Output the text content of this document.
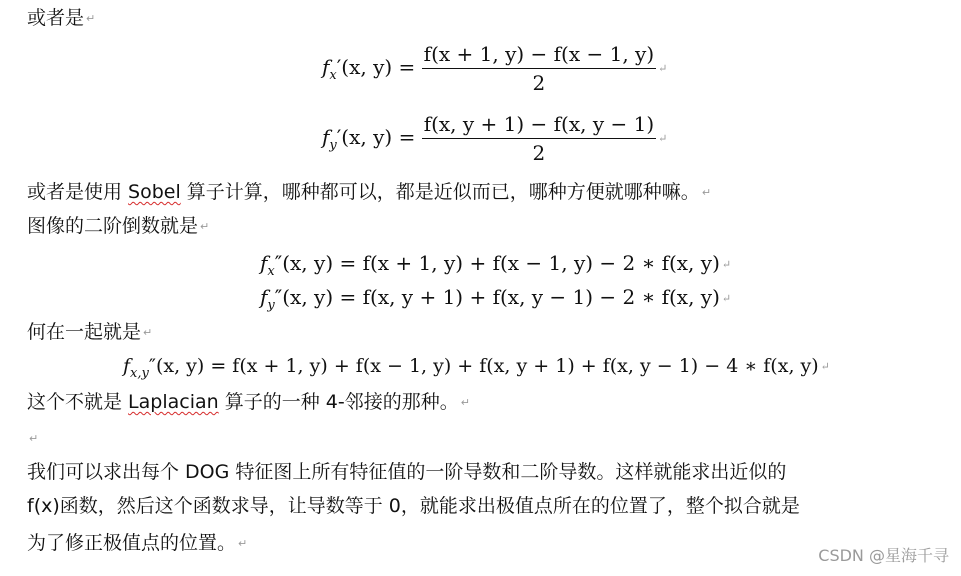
或者是 ↵
$f_x'(x$, $y) = \frac{f(x + 1, y) - f(x - 1, y)}{2}$ ↵
$f_y'(x$, $y) = \frac{f(x, y + 1) - f(x, y - 1)}{2}$ ↵
或者是使用 Sobel 算子计算，哪种都可以，都是近似而已，哪种方便就哪种嘛。 ↵
图像的二阶倒数就是 ↵
$f_x''(x$, y) = f(x + 1, y) + f(x − 1, y) − 2 ∗ f(x, y) ↵
$f_y''(x$, y) = f(x, y + 1) + f(x, y − 1) − 2 ∗ f(x, y) ↵
何在一起就是 ↵
$f_{x,y}''(x$, y) = f(x + 1, y) + f(x − 1, y) + f(x, y + 1) + f(x, y − 1) − 4 ∗ f(x, y) ↵
这个不就是 Laplacian 算子的一种 4-邻接的那种。 ↵
↵
我们可以求出每个 DOG 特征图上所有特征值的一阶导数和二阶导数。这样就能求出近似的
f(x)函数，然后这个函数求导，让导数等于 0，就能求出极值点所在的位置了，整个拟合就是
为了修正极值点的位置。 ↵
CSDN @星海千寻
